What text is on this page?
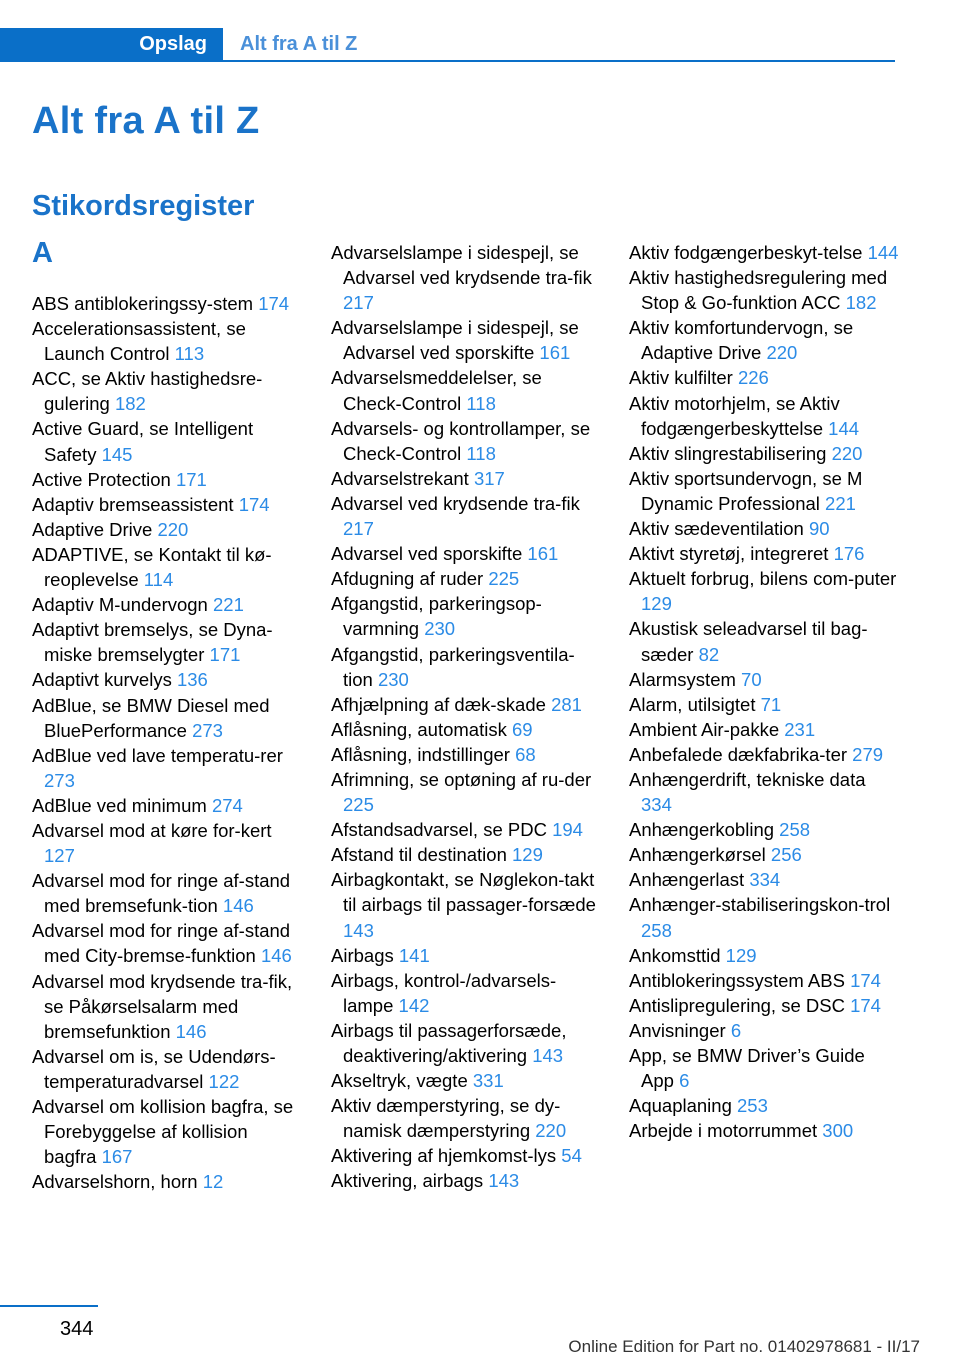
Opslag	Alt fra A til Z
Alt fra A til Z
Stikordsregister
A
ABS antiblokeringssy-stem 174
Accelerationsassistent, se Launch Control 113
ACC, se Aktiv hastighedsre-gulering 182
Active Guard, se Intelligent Safety 145
Active Protection 171
Adaptiv bremseassistent 174
Adaptive Drive 220
ADAPTIVE, se Kontakt til kø-reoplevelse 114
Adaptiv M-undervogn 221
Adaptivt bremselys, se Dyna-miske bremselygter 171
Adaptivt kurvelys 136
AdBlue, se BMW Diesel med BluePerformance 273
AdBlue ved lave temperatu-rer 273
AdBlue ved minimum 274
Advarsel mod at køre for-kert 127
Advarsel mod for ringe af-stand med bremsefunk-tion 146
Advarsel mod for ringe af-stand med City-bremse-funktion 146
Advarsel mod krydsende tra-fik, se Påkørselsalarm med bremsefunktion 146
Advarsel om is, se Udendørs-temperaturadvarsel 122
Advarsel om kollision bagfra, se Forebyggelse af kollision bagfra 167
Advarselshorn, horn 12
Advarselslampe i sidespejl, se Advarsel ved krydsende tra-fik 217
Advarselslampe i sidespejl, se Advarsel ved sporskifte 161
Advarselsmeddelelser, se Check-Control 118
Advarsels- og kontrollamper, se Check-Control 118
Advarselstrekant 317
Advarsel ved krydsende tra-fik 217
Advarsel ved sporskifte 161
Afdugning af ruder 225
Afgangstid, parkeringsop-varmning 230
Afgangstid, parkeringsventila-tion 230
Afhjælpning af dæk-skade 281
Aflåsning, automatisk 69
Aflåsning, indstillinger 68
Afrimning, se optøning af ru-der 225
Afstandsadvarsel, se PDC 194
Afstand til destination 129
Airbagkontakt, se Nøglekon-takt til airbags til passager-forsæde 143
Airbags 141
Airbags, kontrol-/advarsels-lampe 142
Airbags til passagerforsæde, deaktivering/aktivering 143
Akseltryk, vægte 331
Aktiv dæmperstyring, se dy-namisk dæmperstyring 220
Aktivering af hjemkomst-lys 54
Aktivering, airbags 143
Aktiv fodgængerbeskyt-telse 144
Aktiv hastighedsregulering med Stop & Go-funktion ACC 182
Aktiv komfortundervogn, se Adaptive Drive 220
Aktiv kulfilter 226
Aktiv motorhjelm, se Aktiv fodgængerbeskyttelse 144
Aktiv slingrestabilisering 220
Aktiv sportsundervogn, se M Dynamic Professional 221
Aktiv sædeventilation 90
Aktivt styretøj, integreret 176
Aktuelt forbrug, bilens com-puter 129
Akustisk seleadvarsel til bag-sæder 82
Alarmsystem 70
Alarm, utilsigtet 71
Ambient Air-pakke 231
Anbefalede dækfabrika-ter 279
Anhængerdrift, tekniske data 334
Anhængerkobling 258
Anhængerkørsel 256
Anhængerlast 334
Anhænger-stabiliseringskon-trol 258
Ankomsttid 129
Antiblokeringssystem ABS 174
Antislipregulering, se DSC 174
Anvisninger 6
App, se BMW Driver’s Guide App 6
Aquaplaning 253
Arbejde i motorrummet 300
344
Online Edition for Part no. 01402978681 - II/17
